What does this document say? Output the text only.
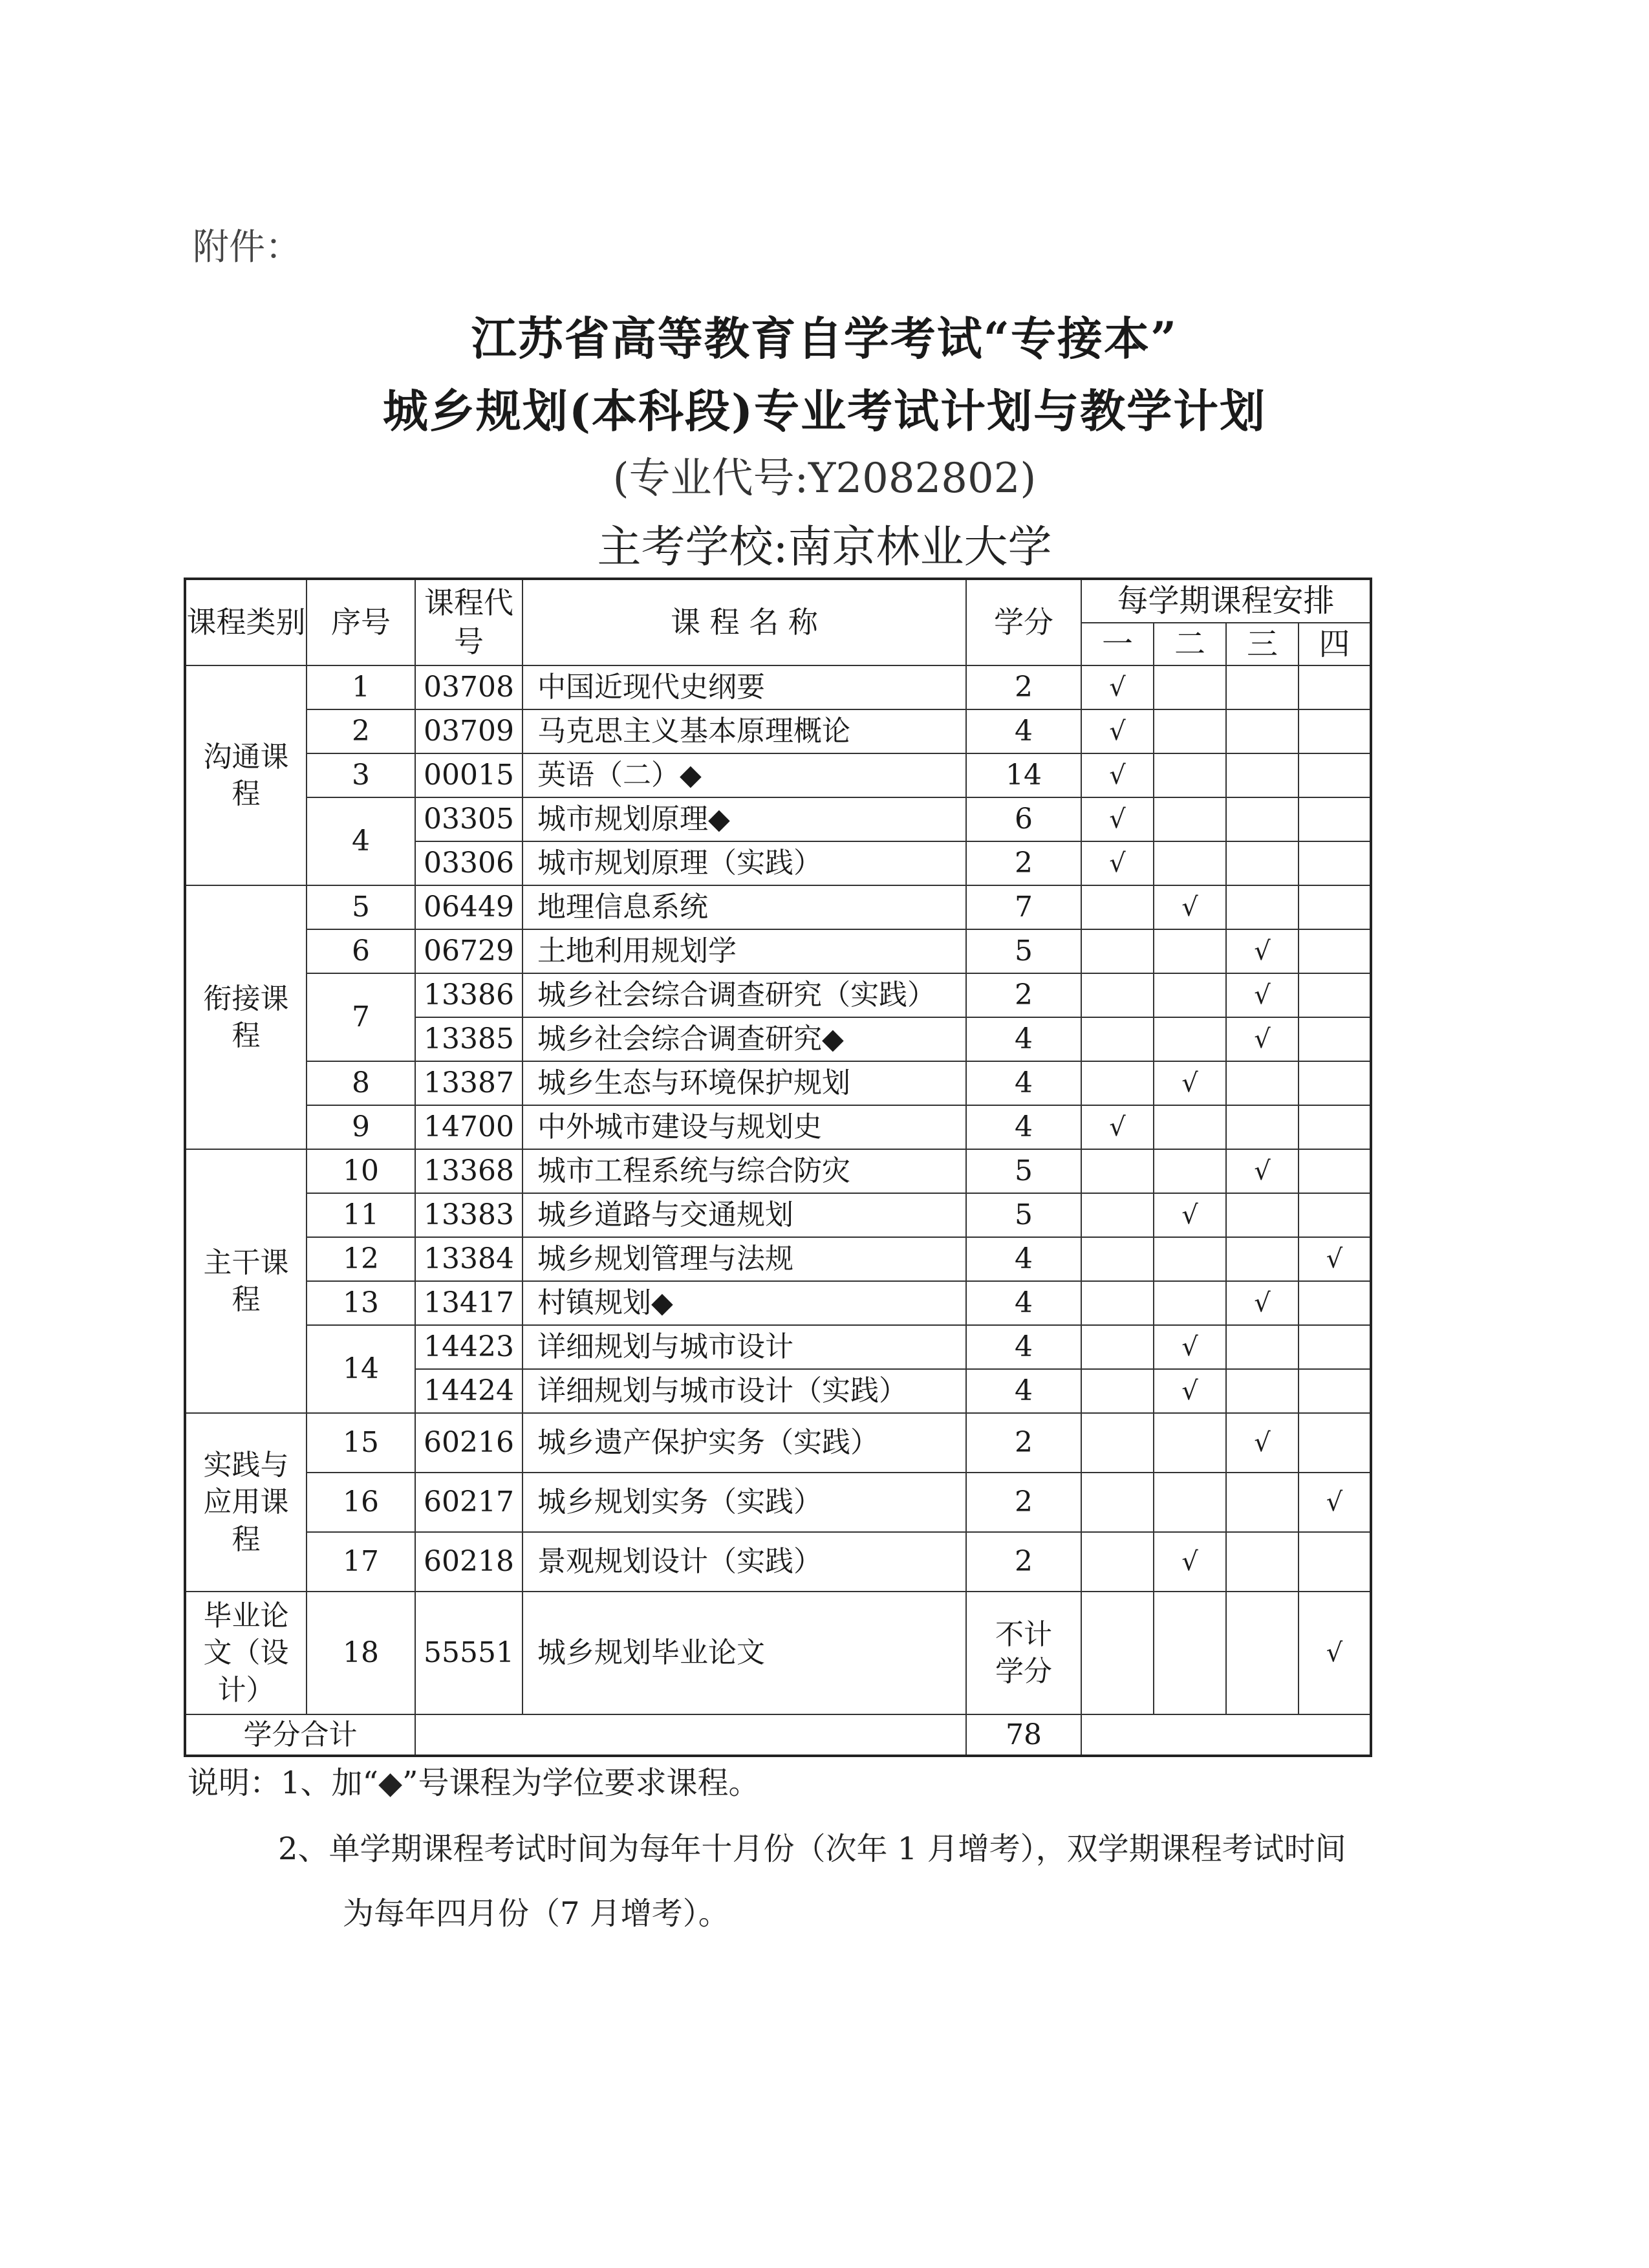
附件：
江苏省高等教育自学考试“专接本”
城乡规划(本科段)专业考试计划与教学计划
(专业代号:Y2082802)
主考学校:南京林业大学
课程类别	序号	课程代号	课 程 名 称	学分	每学期课程安排			
					一	二	三	四
沟通课程	1	03708	中国近现代史纲要	2	√			
	2	03709	马克思主义基本原理概论	4	√			
	3	00015	英语（二）◆	14	√			
	4	03305	城市规划原理◆	6	√			
		03306	城市规划原理（实践）	2	√			
衔接课程	5	06449	地理信息系统	7		√		
	6	06729	土地利用规划学	5			√	
	7	13386	城乡社会综合调查研究（实践）	2			√	
		13385	城乡社会综合调查研究◆	4			√	
	8	13387	城乡生态与环境保护规划	4		√		
	9	14700	中外城市建设与规划史	4	√			
主干课程	10	13368	城市工程系统与综合防灾	5			√	
	11	13383	城乡道路与交通规划	5		√		
	12	13384	城乡规划管理与法规	4				√
	13	13417	村镇规划◆	4			√	
	14	14423	详细规划与城市设计	4		√		
		14424	详细规划与城市设计（实践）	4		√		
实践与应用课程	15	60216	城乡遗产保护实务（实践）	2			√	
	16	60217	城乡规划实务（实践）	2				√
	17	60218	景观规划设计（实践）	2		√		
毕业论文（设计）	18	55551	城乡规划毕业论文	不计学分				√
学分合计				78				
说明：1、加“◆”号课程为学位要求课程。
2、单学期课程考试时间为每年十月份（次年 1 月增考），双学期课程考试时间
为每年四月份（7 月增考）。
